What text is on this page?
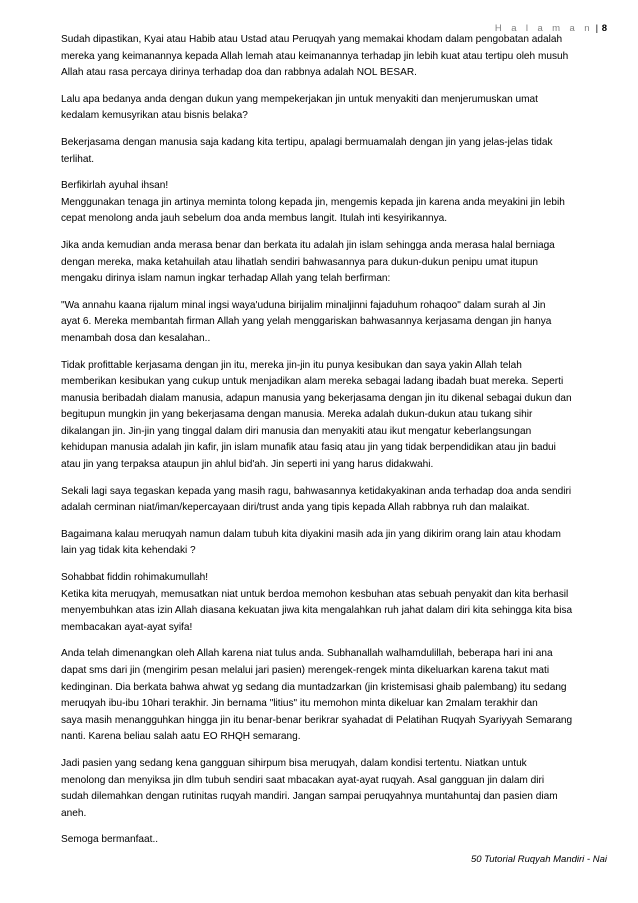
H a l a m a n | 8

Sudah dipastikan, Kyai atau Habib atau Ustad atau Peruqyah yang memakai khodam dalam pengobatan adalah
mereka yang keimanannya kepada Allah lemah atau keimanannya terhadap jin lebih kuat atau tertipu oleh musuh
Allah atau rasa percaya dirinya terhadap doa dan rabbnya adalah NOL BESAR.

Lalu apa bedanya anda dengan dukun yang mempekerjakan jin untuk menyakiti dan menjerumuskan umat
kedalam kemusyrikan atau bisnis belaka?

Bekerjasama dengan manusia saja kadang kita tertipu, apalagi bermuamalah dengan jin yang jelas-jelas tidak
terlihat.

Berfikirlah ayuhal ihsan!
Menggunakan tenaga jin artinya meminta tolong kepada jin, mengemis kepada jin karena anda meyakini jin lebih
cepat menolong anda jauh sebelum doa anda membus langit. Itulah inti kesyirikannya.

Jika anda kemudian anda merasa benar dan berkata itu adalah jin islam sehingga anda merasa halal berniaga
dengan mereka, maka ketahuilah atau lihatlah sendiri bahwasannya para dukun-dukun penipu umat itupun
mengaku dirinya islam namun ingkar terhadap Allah yang telah berfirman:

"Wa annahu kaana rijalum minal ingsi waya'uduna birijalim minaljinni fajaduhum rohaqoo" dalam surah al Jin
ayat 6. Mereka membantah firman Allah yang yelah menggariskan bahwasannya kerjasama dengan jin hanya
menambah dosa dan kesalahan..

Tidak profittable kerjasama dengan jin itu, mereka jin-jin itu punya kesibukan dan saya yakin Allah telah
memberikan kesibukan yang cukup untuk menjadikan alam mereka sebagai ladang ibadah buat mereka. Seperti
manusia beribadah dialam manusia, adapun manusia yang bekerjasama dengan jin itu dikenal sebagai dukun dan
begitupun mungkin jin yang bekerjasama dengan manusia. Mereka adalah dukun-dukun atau tukang sihir
dikalangan jin. Jin-jin yang tinggal dalam diri manusia dan menyakiti atau ikut mengatur keberlangsungan
kehidupan manusia adalah jin kafir, jin islam munafik atau fasiq atau jin yang tidak berpendidikan atau jin badui
atau jin yang terpaksa ataupun jin ahlul bid'ah. Jin seperti ini yang harus didakwahi.

Sekali lagi saya tegaskan kepada yang masih ragu, bahwasannya ketidakyakinan anda terhadap doa anda sendiri
adalah cerminan niat/iman/kepercayaan diri/trust anda yang tipis kepada Allah rabbnya ruh dan malaikat.

Bagaimana kalau meruqyah namun dalam tubuh kita diyakini masih ada jin yang dikirim orang lain atau khodam
lain yag tidak kita kehendaki ?

Sohabbat fiddin rohimakumullah!
Ketika kita meruqyah, memusatkan niat untuk berdoa memohon kesbuhan atas sebuah penyakit dan kita berhasil
menyembuhkan atas izin Allah diasana kekuatan jiwa kita mengalahkan ruh jahat dalam diri kita sehingga kita bisa
membacakan ayat-ayat syifa!

Anda telah dimenangkan oleh Allah karena niat tulus anda. Subhanallah walhamdulillah, beberapa hari ini ana
dapat sms dari jin (mengirim pesan melalui jari pasien) merengek-rengek minta dikeluarkan karena takut mati
kedinginan. Dia berkata bahwa ahwat yg sedang dia muntadzarkan (jin kristemisasi ghaib palembang) itu sedang
meruqyah ibu-ibu 10hari terakhir. Jin bernama "litius" itu memohon minta dikeluar kan 2malam terakhir dan
saya masih menangguhkan hingga jin itu benar-benar berikrar syahadat di Pelatihan Ruqyah Syariyyah Semarang
nanti. Karena beliau salah aatu EO RHQH semarang.

Jadi pasien yang sedang kena gangguan sihirpum bisa meruqyah, dalam kondisi tertentu. Niatkan untuk
menolong dan menyiksa jin dlm tubuh sendiri saat mbacakan ayat-ayat ruqyah. Asal gangguan jin dalam diri
sudah dilemahkan dengan rutinitas ruqyah mandiri. Jangan sampai peruqyahnya muntahuntaj dan pasien diam
aneh.

Semoga bermanfaat..

50 Tutorial Ruqyah Mandiri - Nai
